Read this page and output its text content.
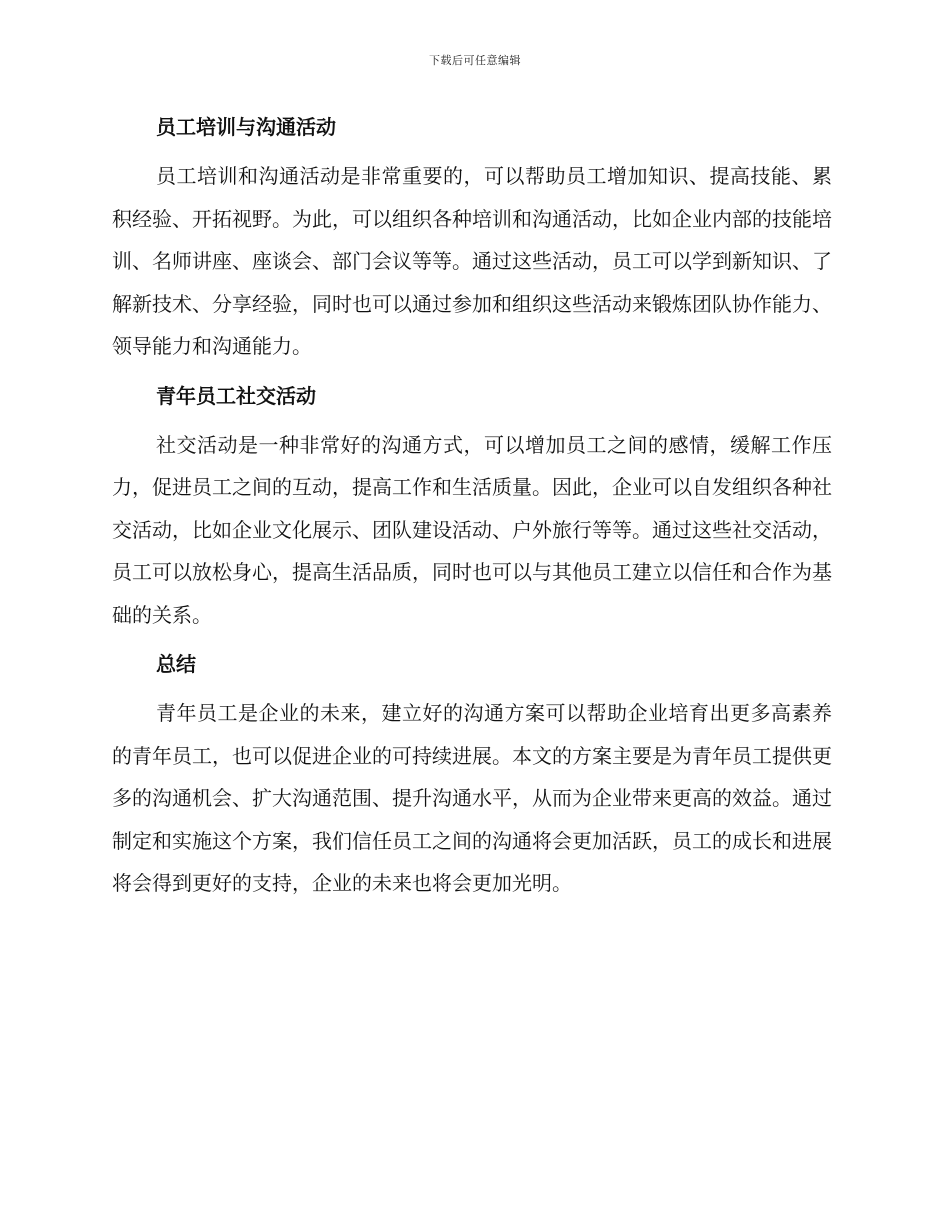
下载后可任意编辑
员工培训与沟通活动

员工培训和沟通活动是非常重要的，可以帮助员工增加知识、提高技能、累积经验、开拓视野。为此，可以组织各种培训和沟通活动，比如企业内部的技能培训、名师讲座、座谈会、部门会议等等。通过这些活动，员工可以学到新知识、了解新技术、分享经验，同时也可以通过参加和组织这些活动来锻炼团队协作能力、领导能力和沟通能力。

青年员工社交活动

社交活动是一种非常好的沟通方式，可以增加员工之间的感情，缓解工作压力，促进员工之间的互动，提高工作和生活质量。因此，企业可以自发组织各种社交活动，比如企业文化展示、团队建设活动、户外旅行等等。通过这些社交活动，员工可以放松身心，提高生活品质，同时也可以与其他员工建立以信任和合作为基础的关系。

总结

青年员工是企业的未来，建立好的沟通方案可以帮助企业培育出更多高素养的青年员工，也可以促进企业的可持续进展。本文的方案主要是为青年员工提供更多的沟通机会、扩大沟通范围、提升沟通水平，从而为企业带来更高的效益。通过制定和实施这个方案，我们信任员工之间的沟通将会更加活跃，员工的成长和进展将会得到更好的支持，企业的未来也将会更加光明。
